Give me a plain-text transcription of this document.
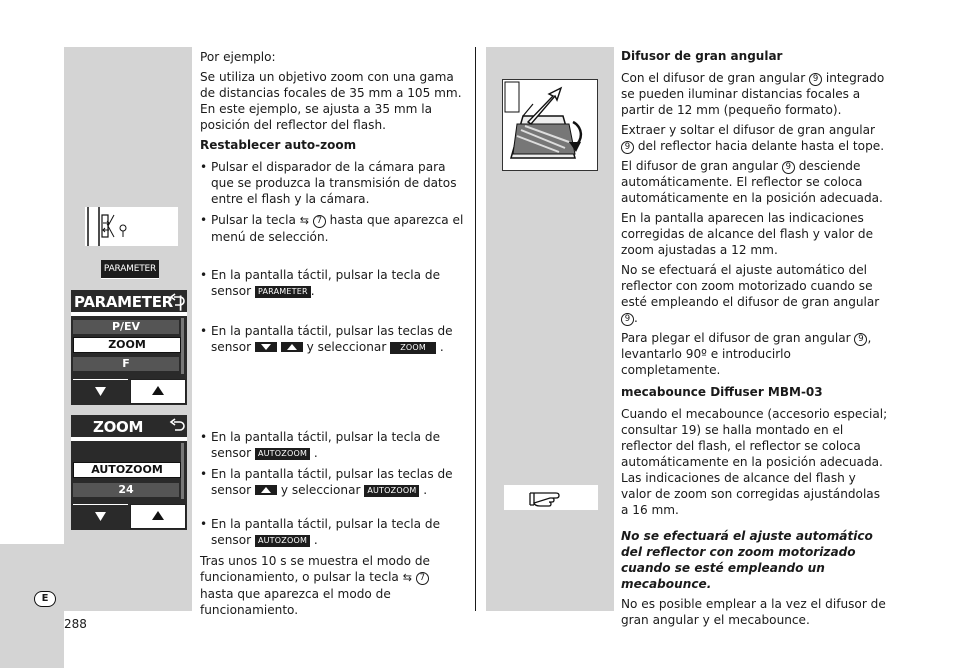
PARAMETER
PARAMETER |
P/EV
ZOOM
F
ZOOM
AUTOZOOM
24
E
288

Por ejemplo:

Se utiliza un objetivo zoom con una gama de distancias focales de 35 mm a 105 mm. En este ejemplo, se ajusta a 35 mm la posición del reflector del flash.

Restablecer auto-zoom
• Pulsar el disparador de la cámara para que se produzca la transmisión de datos entre el flash y la cámara.
• Pulsar la tecla ⇆ 7 hasta que aparezca el menú de selección.
• En la pantalla táctil, pulsar la tecla de sensor PARAMETER .
• En la pantalla táctil, pulsar las teclas de sensor
	y seleccionar ZOOM .
• En la pantalla táctil, pulsar la tecla de sensor AUTOZOOM .
• En la pantalla táctil, pulsar las teclas de sensor y seleccionar AUTOZOOM .
• En la pantalla táctil, pulsar la tecla de sensor AUTOZOOM .

Tras unos 10 s se muestra el modo de funcionamiento, o pulsar la tecla ⇆ 7 hasta que aparezca el modo de funcionamiento.

Difusor de gran angular

Con el difusor de gran angular 9 integrado se pueden iluminar distancias focales a partir de 12 mm (pequeño formato).

Extraer y soltar el difusor de gran angular 9 del reflector hacia delante hasta el tope.

El difusor de gran angular 9 desciende automáticamente. El reflector se coloca automáticamente en la posición adecuada.

En la pantalla aparecen las indicaciones corregidas de alcance del flash y valor de zoom ajustadas a 12 mm.

No se efectuará el ajuste automático del reflector con zoom motorizado cuando se esté empleando el difusor de gran angular 9 .

Para plegar el difusor de gran angular 9 , levantarlo 90º e introducirlo completamente.

mecabounce Diffuser MBM-03

Cuando el mecabounce (accesorio especial; consultar 19) se halla montado en el reflector del flash, el reflector se coloca automáticamente en la posición adecuada. Las indicaciones de alcance del flash y valor de zoom son corregidas ajustándolas a 16 mm.

No se efectuará el ajuste automático del reflector con zoom motorizado cuando se esté empleando un mecabounce.

No es posible emplear a la vez el difusor de gran angular y el mecabounce.
